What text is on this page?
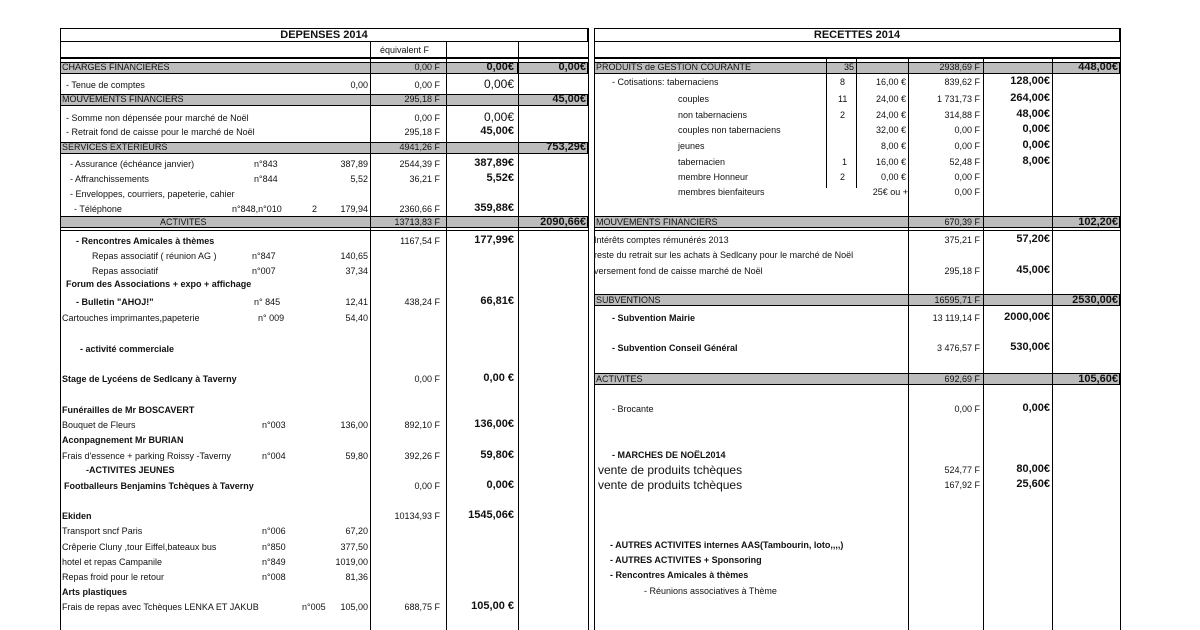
DEPENSES 2014	RECETTES 2014
équivalent F
CHARGES FINANCIERES	0,00 F	0,00€	0,00€
- Tenue de comptes	0,00	0,00 F	0,00€
MOUVEMENTS FINANCIERS	295,18 F	45,00€
- Somme non dépensée pour marché de Noël	0,00 F	0,00€
- Retrait fond de caisse pour le marché de Noël	295,18 F	45,00€
SERVICES EXTERIEURS	4941,26 F	753,29€
- Assurance (échéance janvier)	n°843	387,89	2544,39 F	387,89€
- Affranchissements	n°844	5,52	36,21 F	5,52€
- Enveloppes, courriers, papeterie, cahier
- Téléphone	n°848,n°010	2	179,94	2360,66 F	359,88€
ACTIVITES	13713,83 F	2090,66€
- Rencontres Amicales à thèmes	1167,54 F	177,99€
Repas associatif ( réunion AG )	n°847	140,65
Repas associatif	n°007	37,34
Forum des Associations + expo + affichage
- Bulletin "AHOJ!"	n° 845	12,41	438,24 F	66,81€
Cartouches imprimantes,papeterie	n° 009	54,40
- activité commerciale
Stage de Lycéens de Sedlcany à Taverny	0,00 F	0,00 €
Funérailles de Mr BOSCAVERT
Bouquet de Fleurs	n°003	136,00	892,10 F	136,00€
Aconpagnement Mr BURIAN
Frais d'essence + parking Roissy -Taverny	n°004	59,80	392,26 F	59,80€
-ACTIVITES JEUNES
Footballeurs Benjamins Tchèques à Taverny	0,00 F	0,00€
Ekiden	10134,93 F	1545,06€
Transport sncf Paris	n°006	67,20
Crêperie Cluny ,tour Eiffel,bateaux bus	n°850	377,50
hotel et repas Campanile	n°849	1019,00
Repas froid pour le retour	n°008	81,36
Arts plastiques
Frais de repas avec Tchèques LENKA ET JAKUB	n°005 105,00	688,75 F	105,00 €
PRODUITS de GESTION COURANTE	35	2938,69 F	448,00€
- Cotisations: tabernaciens	8	16,00 €	839,62 F	128,00€
couples	11	24,00 €	1 731,73 F	264,00€
non tabernaciens	2	24,00 €	314,88 F	48,00€
couples non tabernaciens	32,00 €	0,00 F	0,00€
jeunes	8,00 €	0,00 F	0,00€
tabernacien	1	16,00 €	52,48 F	8,00€
membre Honneur	2	0,00 €	0,00 F
membres bienfaiteurs	25€ ou +	0,00 F
MOUVEMENTS FINANCIERS	670,39 F	102,20€
Intérêts comptes rémunérés 2013	375,21 F	57,20€
reste du retrait sur les achats à Sedlcany pour le marché de Noël
versement fond de caisse marché de Noël	295,18 F	45,00€
SUBVENTIONS	16595,71 F	2530,00€
- Subvention Mairie	13 119,14 F 2000,00€
- Subvention Conseil Général	3 476,57 F	530,00€
ACTIVITES	692,69 F	105,60€
- Brocante	0,00 F	0,00€
- MARCHES DE NOËL2014
vente de produits tchèques	524,77 F	80,00€
vente de produits tchèques	167,92 F	25,60€
- AUTRES ACTIVITES internes AAS(Tambourin, loto,,,,)
- AUTRES ACTIVITES + Sponsoring
- Rencontres Amicales à thèmes
- Réunions associatives à Thème
